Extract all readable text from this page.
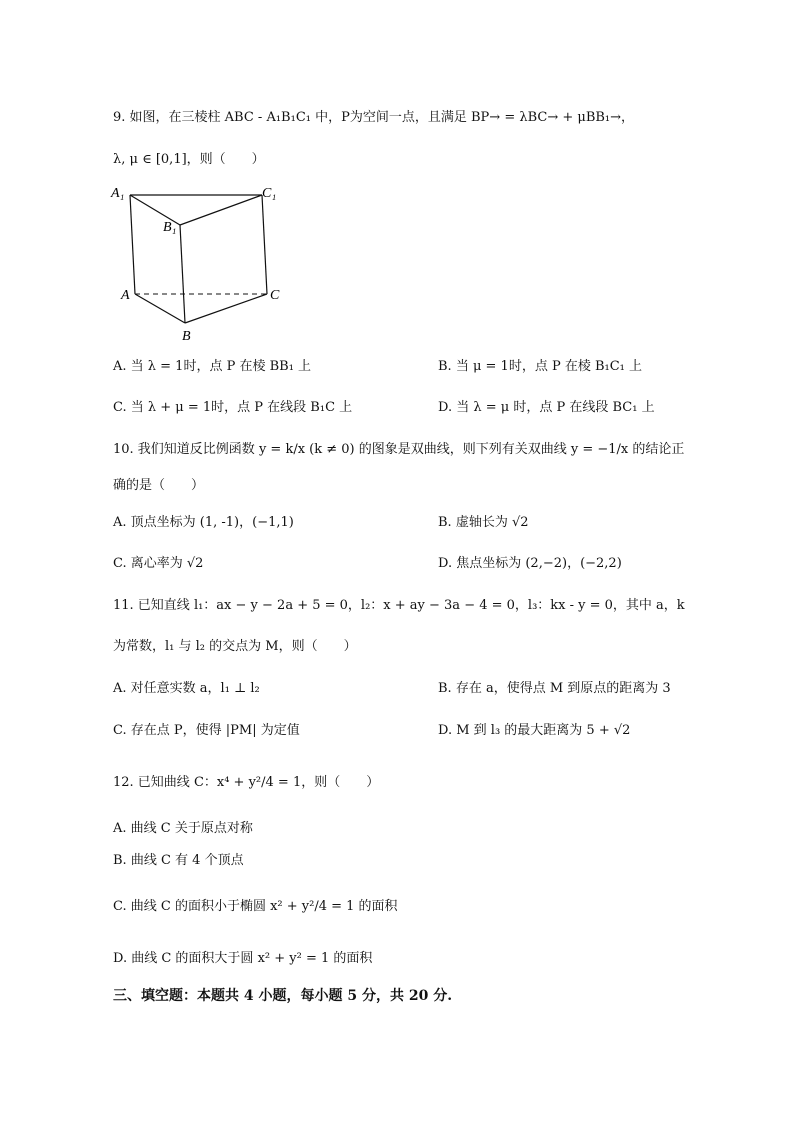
9. 如图，在三棱柱 ABC - A₁B₁C₁ 中，P为空间一点，且满足 BP→ = λBC→ + μBB₁→，
λ, μ ∈ [0,1]，则（　　）
A₁	C₁
B₁
A	C
B
A. 当 λ = 1时，点 P 在棱 BB₁ 上	B. 当 μ = 1时，点 P 在棱 B₁C₁ 上
C. 当 λ + μ = 1时，点 P 在线段 B₁C 上	D. 当 λ = μ 时，点 P 在线段 BC₁ 上
10. 我们知道反比例函数 y = k/x (k ≠ 0) 的图象是双曲线，则下列有关双曲线 y = −1/x 的结论正
确的是（　　）
A. 顶点坐标为 (1, -1)，(−1,1)	B. 虚轴长为 √2
C. 离心率为 √2	D. 焦点坐标为 (2,−2)，(−2,2)
11. 已知直线 l₁：ax − y − 2a + 5 = 0，l₂：x + ay − 3a − 4 = 0，l₃：kx - y = 0，其中 a，k
为常数，l₁ 与 l₂ 的交点为 M，则（　　）
A. 对任意实数 a，l₁ ⊥ l₂	B. 存在 a，使得点 M 到原点的距离为 3
C. 存在点 P，使得 |PM| 为定值	D. M 到 l₃ 的最大距离为 5 + √2
12. 已知曲线 C：x⁴ + y²/4 = 1，则（　　）
A. 曲线 C 关于原点对称
B. 曲线 C 有 4 个顶点
C. 曲线 C 的面积小于椭圆 x² + y²/4 = 1 的面积
D. 曲线 C 的面积大于圆 x² + y² = 1 的面积
三、填空题：本题共 4 小题，每小题 5 分，共 20 分.
